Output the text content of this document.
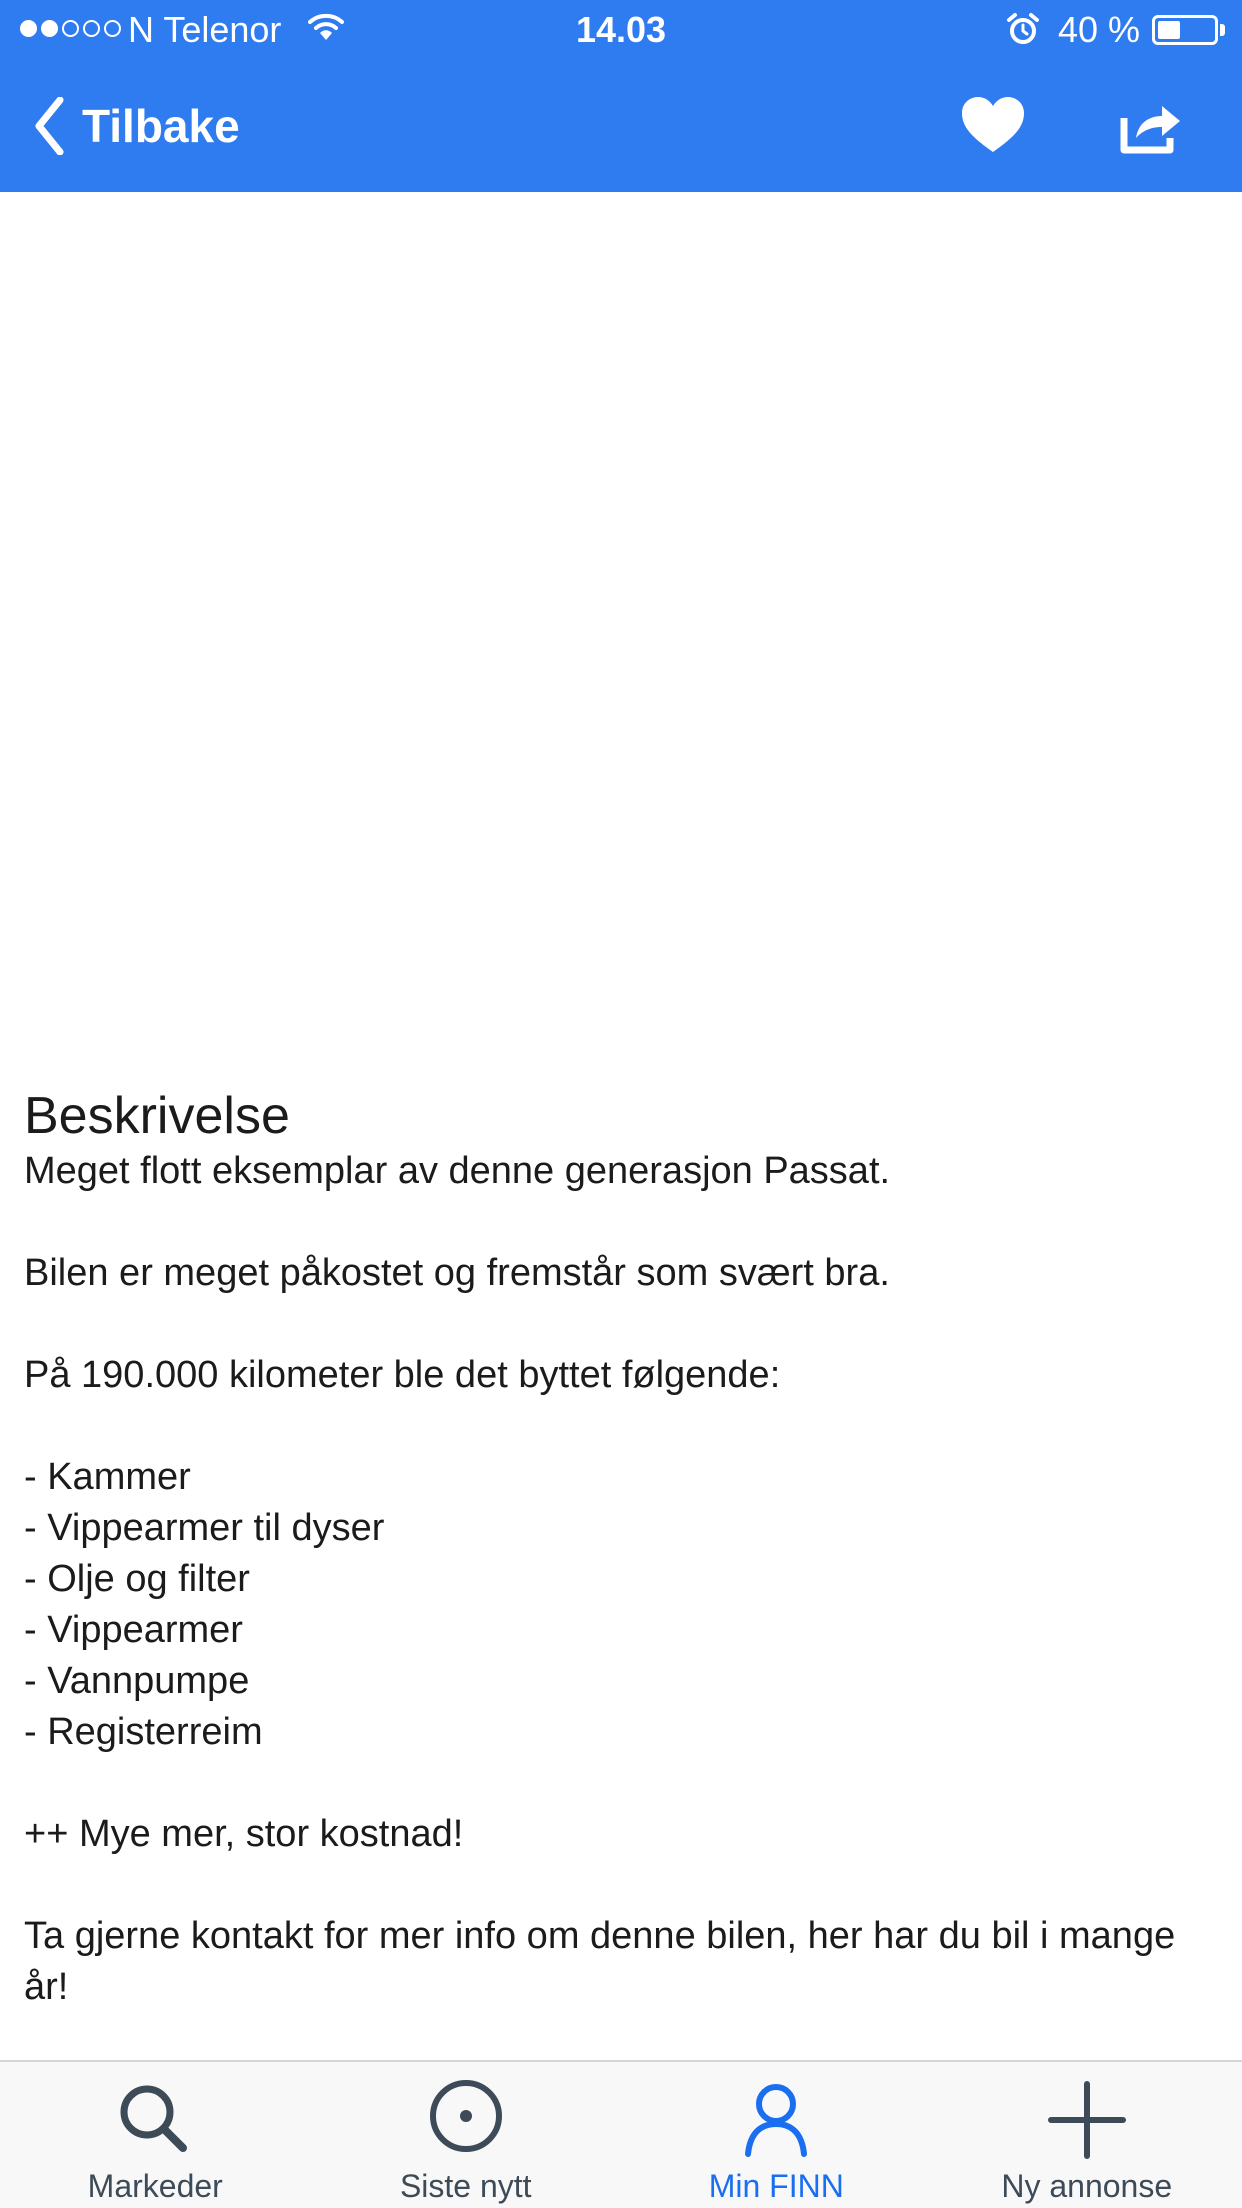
N Telenor	14.03	40 %
Tilbake
Beskrivelse

Meget flott eksemplar av denne generasjon Passat.

Bilen er meget påkostet og fremstår som svært bra.

På 190.000 kilometer ble det byttet følgende:

- Kammer
- Vippearmer til dyser
- Olje og filter
- Vippearmer
- Vannpumpe
- Registerreim

++ Mye mer, stor kostnad!

Ta gjerne kontakt for mer info om denne bilen, her har du bil i mange år!

Markeder	Siste nytt	Min FINN	Ny annonse
